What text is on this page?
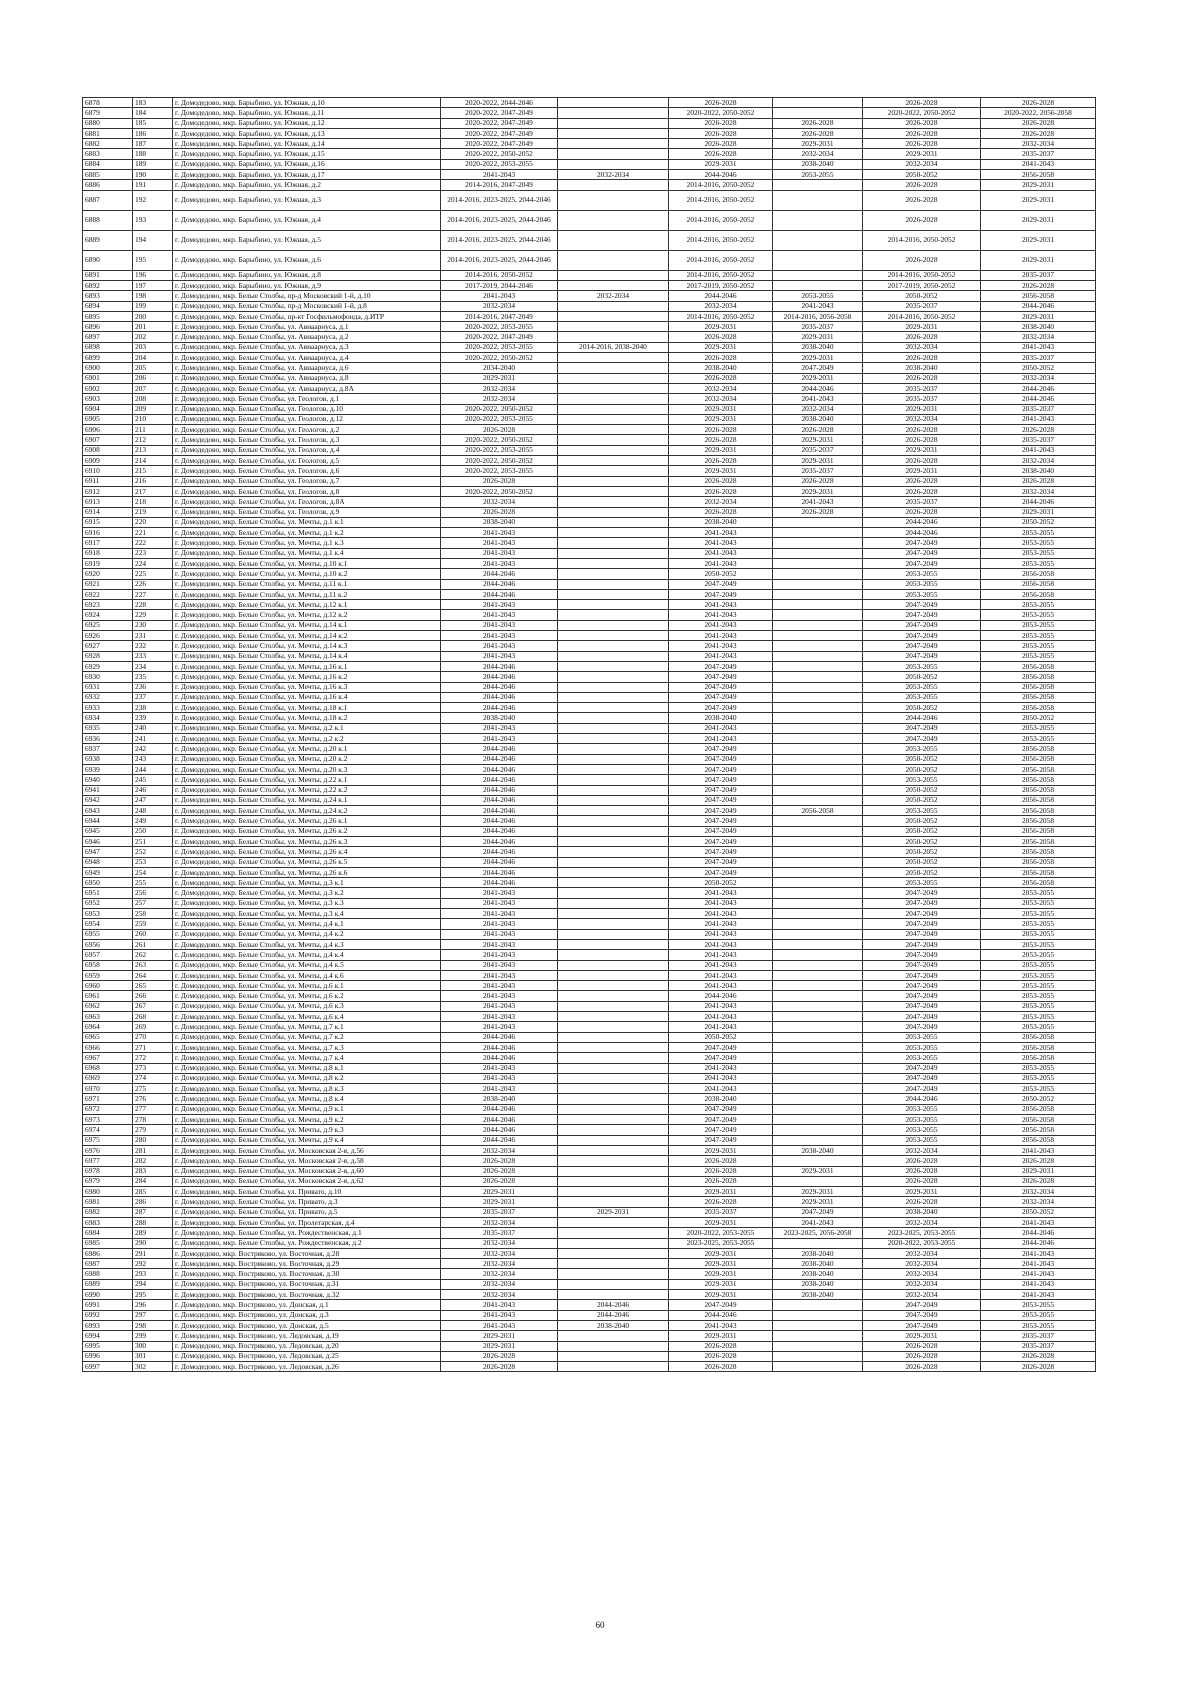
6878	183	г. Домодедово, мкр. Барыбино, ул. Южная, д.10	2020-2022, 2044-2046		2026-2028		2026-2028	2026-2028
6879	184	г. Домодедово, мкр. Барыбино, ул. Южная, д.11	2020-2022, 2047-2049		2020-2022, 2050-2052		2020-2022, 2050-2052	2020-2022, 2056-2058
6880	185	г. Домодедово, мкр. Барыбино, ул. Южная, д.12	2020-2022, 2047-2049		2026-2028	2026-2028	2026-2028	2026-2028
6881	186	г. Домодедово, мкр. Барыбино, ул. Южная, д.13	2020-2022, 2047-2049		2026-2028	2026-2028	2026-2028	2026-2028
6882	187	г. Домодедово, мкр. Барыбино, ул. Южная, д.14	2020-2022, 2047-2049		2026-2028	2029-2031	2026-2028	2032-2034
6883	188	г. Домодедово, мкр. Барыбино, ул. Южная, д.15	2020-2022, 2050-2052		2026-2028	2032-2034	2029-2031	2035-2037
6884	189	г. Домодедово, мкр. Барыбино, ул. Южная, д.16	2020-2022, 2053-2055		2029-2031	2038-2040	2032-2034	2041-2043
6885	190	г. Домодедово, мкр. Барыбино, ул. Южная, д.17	2041-2043	2032-2034	2044-2046	2053-2055	2050-2052	2056-2058
6886	191	г. Домодедово, мкр. Барыбино, ул. Южная, д.2	2014-2016, 2047-2049		2014-2016, 2050-2052		2026-2028	2029-2031
6887	192	г. Домодедово, мкр. Барыбино, ул. Южная, д.3	2014-2016, 2023-2025, 2044-2046		2014-2016, 2050-2052		2026-2028	2029-2031
6888	193	г. Домодедово, мкр. Барыбино, ул. Южная, д.4	2014-2016, 2023-2025, 2044-2046		2014-2016, 2050-2052		2026-2028	2029-2031
6889	194	г. Домодедово, мкр. Барыбино, ул. Южная, д.5	2014-2016, 2023-2025, 2044-2046		2014-2016, 2050-2052		2014-2016, 2050-2052	2029-2031
6890	195	г. Домодедово, мкр. Барыбино, ул. Южная, д.6	2014-2016, 2023-2025, 2044-2046		2014-2016, 2050-2052		2026-2028	2029-2031
6891	196	г. Домодедово, мкр. Барыбино, ул. Южная, д.8	2014-2016, 2050-2052		2014-2016, 2050-2052		2014-2016, 2050-2052	2035-2037
6892	197	г. Домодедово, мкр. Барыбино, ул. Южная, д.9	2017-2019, 2044-2046		2017-2019, 2050-2052		2017-2019, 2050-2052	2026-2028
6893	198	г. Домодедово, мкр. Белые Столбы, пр-д Московский 1-й, д.10	2041-2043	2032-2034	2044-2046	2053-2055	2050-2052	2056-2058
6894	199	г. Домодедово, мкр. Белые Столбы, пр-д Московский 1-й, д.8	2032-2034		2032-2034	2041-2043	2035-2037	2044-2046
6895	200	г. Домодедово, мкр. Белые Столбы, пр-кт Госфильмофонда, д.ИТР	2014-2016, 2047-2049		2014-2016, 2050-2052	2014-2016, 2056-2058	2014-2016, 2050-2052	2029-2031
6896	201	г. Домодедово, мкр. Белые Столбы, ул. Авиаарнуса, д.1	2020-2022, 2053-2055		2029-2031	2035-2037	2029-2031	2038-2040
6897	202	г. Домодедово, мкр. Белые Столбы, ул. Авиаарнуса, д.2	2020-2022, 2047-2049		2026-2028	2029-2031	2026-2028	2032-2034
6898	203	г. Домодедово, мкр. Белые Столбы, ул. Авиаарнуса, д.3	2020-2022, 2053-2055	2014-2016, 2038-2040	2029-2031	2038-2040	2032-2034	2041-2043
6899	204	г. Домодедово, мкр. Белые Столбы, ул. Авиаарнуса, д.4	2020-2022, 2050-2052		2026-2028	2029-2031	2026-2028	2035-2037
6900	205	г. Домодедово, мкр. Белые Столбы, ул. Авиаарнуса, д.6	2034-2040		2038-2040	2047-2049	2038-2040	2050-2052
6901	206	г. Домодедово, мкр. Белые Столбы, ул. Авиаарнуса, д.8	2029-2031		2026-2028	2029-2031	2026-2028	2032-2034
6902	207	г. Домодедово, мкр. Белые Столбы, ул. Авиаарнуса, д.8А	2032-2034		2032-2034	2044-2046	2035-2037	2044-2046
6903	208	г. Домодедово, мкр. Белые Столбы, ул. Геологов, д.1	2032-2034		2032-2034	2041-2043	2035-2037	2044-2046
6904	209	г. Домодедово, мкр. Белые Столбы, ул. Геологов, д.10	2020-2022, 2050-2052		2029-2031	2032-2034	2029-2031	2035-2037
6905	210	г. Домодедово, мкр. Белые Столбы, ул. Геологов, д.12	2020-2022, 2053-2055		2029-2031	2038-2040	2032-2034	2041-2043
6906	211	г. Домодедово, мкр. Белые Столбы, ул. Геологов, д.2	2026-2028		2026-2028	2026-2028	2026-2028	2026-2028
6907	212	г. Домодедово, мкр. Белые Столбы, ул. Геологов, д.3	2020-2022, 2050-2052		2026-2028	2029-2031	2026-2028	2035-2037
6908	213	г. Домодедово, мкр. Белые Столбы, ул. Геологов, д.4	2020-2022, 2053-2055		2029-2031	2035-2037	2029-2031	2041-2043
6909	214	г. Домодедово, мкр. Белые Столбы, ул. Геологов, д.5	2020-2022, 2050-2052		2026-2028	2029-2031	2026-2028	2032-2034
6910	215	г. Домодедово, мкр. Белые Столбы, ул. Геологов, д.6	2020-2022, 2053-2055		2029-2031	2035-2037	2029-2031	2038-2040
6911	216	г. Домодедово, мкр. Белые Столбы, ул. Геологов, д.7	2026-2028		2026-2028	2026-2028	2026-2028	2026-2028
6912	217	г. Домодедово, мкр. Белые Столбы, ул. Геологов, д.8	2020-2022, 2050-2052		2026-2028	2029-2031	2026-2028	2032-2034
6913	218	г. Домодедово, мкр. Белые Столбы, ул. Геологов, д.8А	2032-2034		2032-2034	2041-2043	2035-2037	2044-2046
6914	219	г. Домодедово, мкр. Белые Столбы, ул. Геологов, д.9	2026-2028		2026-2028	2026-2028	2026-2028	2029-2031
6915	220	г. Домодедово, мкр. Белые Столбы, ул. Мечты, д.1 к.1	2038-2040		2038-2040		2044-2046	2050-2052
6916	221	г. Домодедово, мкр. Белые Столбы, ул. Мечты, д.1 к.2	2041-2043		2041-2043		2044-2046	2053-2055
6917	222	г. Домодедово, мкр. Белые Столбы, ул. Мечты, д.1 к.3	2041-2043		2041-2043		2047-2049	2053-2055
6918	223	г. Домодедово, мкр. Белые Столбы, ул. Мечты, д.1 к.4	2041-2043		2041-2043		2047-2049	2053-2055
6919	224	г. Домодедово, мкр. Белые Столбы, ул. Мечты, д.10 к.1	2041-2043		2041-2043		2047-2049	2053-2055
6920	225	г. Домодедово, мкр. Белые Столбы, ул. Мечты, д.10 к.2	2044-2046		2050-2052		2053-2055	2056-2058
6921	226	г. Домодедово, мкр. Белые Столбы, ул. Мечты, д.11 к.1	2044-2046		2047-2049		2053-2055	2056-2058
6922	227	г. Домодедово, мкр. Белые Столбы, ул. Мечты, д.11 к.2	2044-2046		2047-2049		2053-2055	2056-2058
6923	228	г. Домодедово, мкр. Белые Столбы, ул. Мечты, д.12 к.1	2041-2043		2041-2043		2047-2049	2053-2055
6924	229	г. Домодедово, мкр. Белые Столбы, ул. Мечты, д.12 к.2	2041-2043		2041-2043		2047-2049	2053-2055
6925	230	г. Домодедово, мкр. Белые Столбы, ул. Мечты, д.14 к.1	2041-2043		2041-2043		2047-2049	2053-2055
6926	231	г. Домодедово, мкр. Белые Столбы, ул. Мечты, д.14 к.2	2041-2043		2041-2043		2047-2049	2053-2055
6927	232	г. Домодедово, мкр. Белые Столбы, ул. Мечты, д.14 к.3	2041-2043		2041-2043		2047-2049	2053-2055
6928	233	г. Домодедово, мкр. Белые Столбы, ул. Мечты, д.14 к.4	2041-2043		2041-2043		2047-2049	2053-2055
6929	234	г. Домодедово, мкр. Белые Столбы, ул. Мечты, д.16 к.1	2044-2046		2047-2049		2053-2055	2056-2058
6930	235	г. Домодедово, мкр. Белые Столбы, ул. Мечты, д.16 к.2	2044-2046		2047-2049		2050-2052	2056-2058
6931	236	г. Домодедово, мкр. Белые Столбы, ул. Мечты, д.16 к.3	2044-2046		2047-2049		2053-2055	2056-2058
6932	237	г. Домодедово, мкр. Белые Столбы, ул. Мечты, д.16 к.4	2044-2046		2047-2049		2053-2055	2056-2058
6933	238	г. Домодедово, мкр. Белые Столбы, ул. Мечты, д.18 к.1	2044-2046		2047-2049		2050-2052	2056-2058
6934	239	г. Домодедово, мкр. Белые Столбы, ул. Мечты, д.18 к.2	2038-2040		2038-2040		2044-2046	2050-2052
6935	240	г. Домодедово, мкр. Белые Столбы, ул. Мечты, д.2 к.1	2041-2043		2041-2043		2047-2049	2053-2055
6936	241	г. Домодедово, мкр. Белые Столбы, ул. Мечты, д.2 к.2	2041-2043		2041-2043		2047-2049	2053-2055
6937	242	г. Домодедово, мкр. Белые Столбы, ул. Мечты, д.20 к.1	2044-2046		2047-2049		2053-2055	2056-2058
6938	243	г. Домодедово, мкр. Белые Столбы, ул. Мечты, д.20 к.2	2044-2046		2047-2049		2050-2052	2056-2058
6939	244	г. Домодедово, мкр. Белые Столбы, ул. Мечты, д.20 к.3	2044-2046		2047-2049		2050-2052	2056-2058
6940	245	г. Домодедово, мкр. Белые Столбы, ул. Мечты, д.22 к.1	2044-2046		2047-2049		2053-2055	2056-2058
6941	246	г. Домодедово, мкр. Белые Столбы, ул. Мечты, д.22 к.2	2044-2046		2047-2049		2050-2052	2056-2058
6942	247	г. Домодедово, мкр. Белые Столбы, ул. Мечты, д.24 к.1	2044-2046		2047-2049		2050-2052	2056-2058
6943	248	г. Домодедово, мкр. Белые Столбы, ул. Мечты, д.24 к.2	2044-2046		2047-2049	2056-2058	2053-2055	2056-2058
6944	249	г. Домодедово, мкр. Белые Столбы, ул. Мечты, д.26 к.1	2044-2046		2047-2049		2050-2052	2056-2058
6945	250	г. Домодедово, мкр. Белые Столбы, ул. Мечты, д.26 к.2	2044-2046		2047-2049		2050-2052	2056-2058
6946	251	г. Домодедово, мкр. Белые Столбы, ул. Мечты, д.26 к.3	2044-2046		2047-2049		2050-2052	2056-2058
6947	252	г. Домодедово, мкр. Белые Столбы, ул. Мечты, д.26 к.4	2044-2046		2047-2049		2050-2052	2056-2058
6948	253	г. Домодедово, мкр. Белые Столбы, ул. Мечты, д.26 к.5	2044-2046		2047-2049		2050-2052	2056-2058
6949	254	г. Домодедово, мкр. Белые Столбы, ул. Мечты, д.26 к.6	2044-2046		2047-2049		2050-2052	2056-2058
6950	255	г. Домодедово, мкр. Белые Столбы, ул. Мечты, д.3 к.1	2044-2046		2050-2052		2053-2055	2056-2058
6951	256	г. Домодедово, мкр. Белые Столбы, ул. Мечты, д.3 к.2	2041-2043		2041-2043		2047-2049	2053-2055
6952	257	г. Домодедово, мкр. Белые Столбы, ул. Мечты, д.3 к.3	2041-2043		2041-2043		2047-2049	2053-2055
6953	258	г. Домодедово, мкр. Белые Столбы, ул. Мечты, д.3 к.4	2041-2043		2041-2043		2047-2049	2053-2055
6954	259	г. Домодедово, мкр. Белые Столбы, ул. Мечты, д.4 к.1	2041-2043		2041-2043		2047-2049	2053-2055
6955	260	г. Домодедово, мкр. Белые Столбы, ул. Мечты, д.4 к.2	2041-2043		2041-2043		2047-2049	2053-2055
6956	261	г. Домодедово, мкр. Белые Столбы, ул. Мечты, д.4 к.3	2041-2043		2041-2043		2047-2049	2053-2055
6957	262	г. Домодедово, мкр. Белые Столбы, ул. Мечты, д.4 к.4	2041-2043		2041-2043		2047-2049	2053-2055
6958	263	г. Домодедово, мкр. Белые Столбы, ул. Мечты, д.4 к.5	2041-2043		2041-2043		2047-2049	2053-2055
6959	264	г. Домодедово, мкр. Белые Столбы, ул. Мечты, д.4 к.6	2041-2043		2041-2043		2047-2049	2053-2055
6960	265	г. Домодедово, мкр. Белые Столбы, ул. Мечты, д.6 к.1	2041-2043		2041-2043		2047-2049	2053-2055
6961	266	г. Домодедово, мкр. Белые Столбы, ул. Мечты, д.6 к.2	2041-2043		2044-2046		2047-2049	2053-2055
6962	267	г. Домодедово, мкр. Белые Столбы, ул. Мечты, д.6 к.3	2041-2043		2041-2043		2047-2049	2053-2055
6963	268	г. Домодедово, мкр. Белые Столбы, ул. Мечты, д.6 к.4	2041-2043		2041-2043		2047-2049	2053-2055
6964	269	г. Домодедово, мкр. Белые Столбы, ул. Мечты, д.7 к.1	2041-2043		2041-2043		2047-2049	2053-2055
6965	270	г. Домодедово, мкр. Белые Столбы, ул. Мечты, д.7 к.2	2044-2046		2050-2052		2053-2055	2056-2058
6966	271	г. Домодедово, мкр. Белые Столбы, ул. Мечты, д.7 к.3	2044-2046		2047-2049		2053-2055	2056-2058
6967	272	г. Домодедово, мкр. Белые Столбы, ул. Мечты, д.7 к.4	2044-2046		2047-2049		2053-2055	2056-2058
6968	273	г. Домодедово, мкр. Белые Столбы, ул. Мечты, д.8 к.1	2041-2043		2041-2043		2047-2049	2053-2055
6969	274	г. Домодедово, мкр. Белые Столбы, ул. Мечты, д.8 к.2	2041-2043		2041-2043		2047-2049	2053-2055
6970	275	г. Домодедово, мкр. Белые Столбы, ул. Мечты, д.8 к.3	2041-2043		2041-2043		2047-2049	2053-2055
6971	276	г. Домодедово, мкр. Белые Столбы, ул. Мечты, д.8 к.4	2038-2040		2038-2040		2044-2046	2050-2052
6972	277	г. Домодедово, мкр. Белые Столбы, ул. Мечты, д.9 к.1	2044-2046		2047-2049		2053-2055	2056-2058
6973	278	г. Домодедово, мкр. Белые Столбы, ул. Мечты, д.9 к.2	2044-2046		2047-2049		2053-2055	2056-2058
6974	279	г. Домодедово, мкр. Белые Столбы, ул. Мечты, д.9 к.3	2044-2046		2047-2049		2053-2055	2056-2058
6975	280	г. Домодедово, мкр. Белые Столбы, ул. Мечты, д.9 к.4	2044-2046		2047-2049		2053-2055	2056-2058
6976	281	г. Домодедово, мкр. Белые Столбы, ул. Московская 2-я, д.56	2032-2034		2029-2031	2038-2040	2032-2034	2041-2043
6977	282	г. Домодедово, мкр. Белые Столбы, ул. Московская 2-я, д.58	2026-2028		2026-2028		2026-2028	2026-2028
6978	283	г. Домодедово, мкр. Белые Столбы, ул. Московская 2-я, д.60	2026-2028		2026-2028	2029-2031	2026-2028	2029-2031
6979	284	г. Домодедово, мкр. Белые Столбы, ул. Московская 2-я, д.62	2026-2028		2026-2028		2026-2028	2026-2028
6980	285	г. Домодедово, мкр. Белые Столбы, ул. Привато, д.10	2029-2031		2029-2031	2029-2031	2029-2031	2032-2034
6981	286	г. Домодедово, мкр. Белые Столбы, ул. Привато, д.3	2029-2031		2026-2028	2029-2031	2026-2028	2032-2034
6982	287	г. Домодедово, мкр. Белые Столбы, ул. Привато, д.5	2035-2037	2029-2031	2035-2037	2047-2049	2038-2040	2050-2052
6983	288	г. Домодедово, мкр. Белые Столбы, ул. Пролетарская, д.4	2032-2034		2029-2031	2041-2043	2032-2034	2041-2043
6984	289	г. Домодедово, мкр. Белые Столбы, ул. Рождественская, д.1	2035-2037		2020-2022, 2053-2055	2023-2025, 2056-2058	2023-2025, 2053-2055	2044-2046
6985	290	г. Домодедово, мкр. Белые Столбы, ул. Рождественская, д.2	2032-2034		2023-2025, 2053-2055		2020-2022, 2053-2055	2044-2046
6986	291	г. Домодедово, мкр. Востряково, ул. Восточная, д.28	2032-2034		2029-2031	2038-2040	2032-2034	2041-2043
6987	292	г. Домодедово, мкр. Востряково, ул. Восточная, д.29	2032-2034		2029-2031	2038-2040	2032-2034	2041-2043
6988	293	г. Домодедово, мкр. Востряково, ул. Восточная, д.30	2032-2034		2029-2031	2038-2040	2032-2034	2041-2043
6989	294	г. Домодедово, мкр. Востряково, ул. Восточная, д.31	2032-2034		2029-2031	2038-2040	2032-2034	2041-2043
6990	295	г. Домодедово, мкр. Востряково, ул. Восточная, д.32	2032-2034		2029-2031	2038-2040	2032-2034	2041-2043
6991	296	г. Домодедово, мкр. Востряково, ул. Донская, д.1	2041-2043	2044-2046	2047-2049		2047-2049	2053-2055
6992	297	г. Домодедово, мкр. Востряково, ул. Донская, д.3	2041-2043	2044-2046	2044-2046		2047-2049	2053-2055
6993	298	г. Домодедово, мкр. Востряково, ул. Донская, д.5	2041-2043	2038-2040	2041-2043		2047-2049	2053-2055
6994	299	г. Домодедово, мкр. Востряково, ул. Ледовская, д.19	2029-2031		2029-2031		2029-2031	2035-2037
6995	300	г. Домодедово, мкр. Востряково, ул. Ледовская, д.20	2029-2031		2026-2028		2026-2028	2035-2037
6996	301	г. Домодедово, мкр. Востряково, ул. Ледовская, д.25	2026-2028		2026-2028		2026-2028	2026-2028
6997	302	г. Домодедово, мкр. Востряково, ул. Ледовская, д.26	2026-2028		2026-2028		2026-2028	2026-2028
60
